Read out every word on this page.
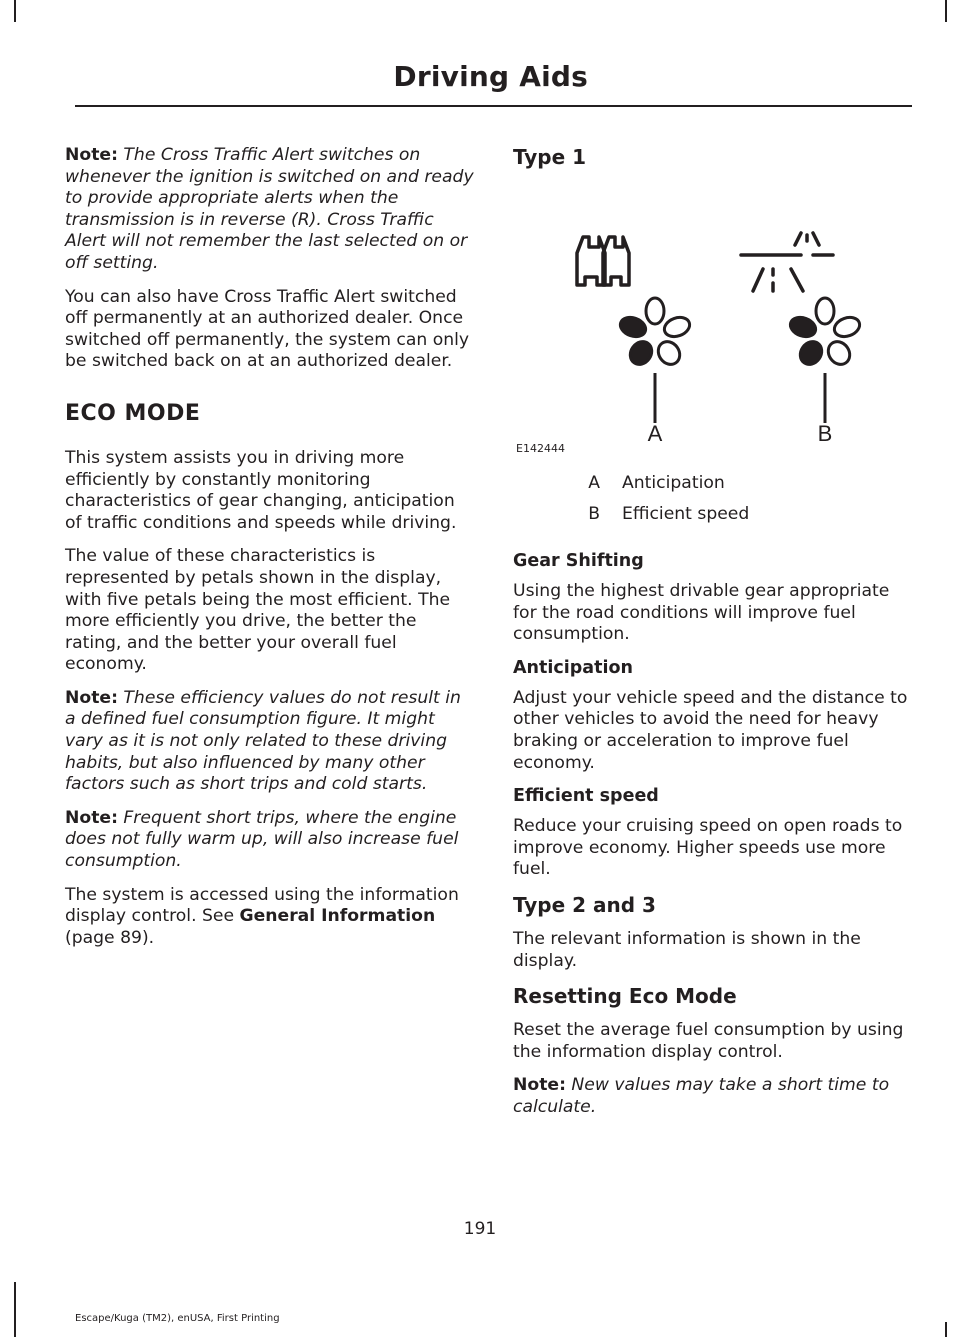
Driving Aids

Note: The Cross Traffic Alert switches on whenever the ignition is switched on and ready to provide appropriate alerts when the transmission is in reverse (R). Cross Traffic Alert will not remember the last selected on or off setting.

You can also have Cross Traffic Alert switched off permanently at an authorized dealer. Once switched off permanently, the system can only be switched back on at an authorized dealer.

ECO MODE

This system assists you in driving more efficiently by constantly monitoring characteristics of gear changing, anticipation of traffic conditions and speeds while driving.

The value of these characteristics is represented by petals shown in the display, with five petals being the most efficient. The more efficiently you drive, the better the rating, and the better your overall fuel economy.

Note: These efficiency values do not result in a defined fuel consumption figure. It might vary as it is not only related to these driving habits, but also influenced by many other factors such as short trips and cold starts.

Note: Frequent short trips, where the engine does not fully warm up, will also increase fuel consumption.

The system is accessed using the information display control. See General Information (page 89).

A	B
Type 1
E142444
A	Anticipation
B	Efficient speed
Gear Shifting

Using the highest drivable gear appropriate for the road conditions will improve fuel consumption.

Anticipation

Adjust your vehicle speed and the distance to other vehicles to avoid the need for heavy braking or acceleration to improve fuel economy.

Efficient speed

Reduce your cruising speed on open roads to improve economy. Higher speeds use more fuel.

Type 2 and 3

The relevant information is shown in the display.

Resetting Eco Mode

Reset the average fuel consumption by using the information display control.

Note: New values may take a short time to calculate.

191
Escape/Kuga (TM2), enUSA, First Printing
